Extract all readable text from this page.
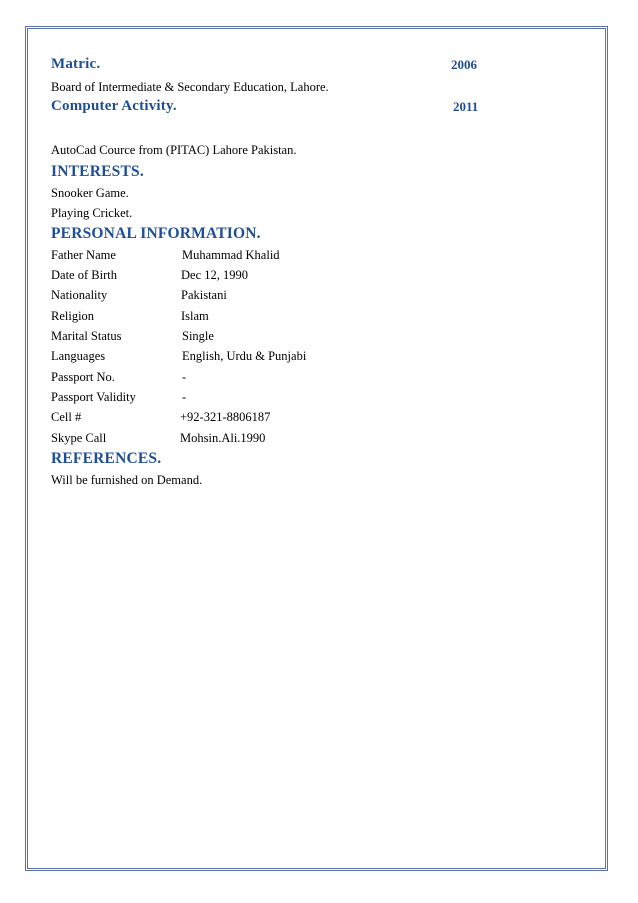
Matric.	2006
Board of Intermediate & Secondary Education, Lahore.
Computer Activity.	2011
AutoCad Cource from (PITAC) Lahore Pakistan.
INTERESTS.
Snooker Game.
Playing Cricket.
PERSONAL INFORMATION.
Father Name	Muhammad Khalid
Date of Birth	Dec 12, 1990
Nationality	Pakistani
Religion	Islam
Marital Status	Single
Languages	English, Urdu & Punjabi
Passport No.	-
Passport Validity	-
Cell #	+92-321-8806187
Skype Call	Mohsin.Ali.1990
REFERENCES.
Will be furnished on Demand.
